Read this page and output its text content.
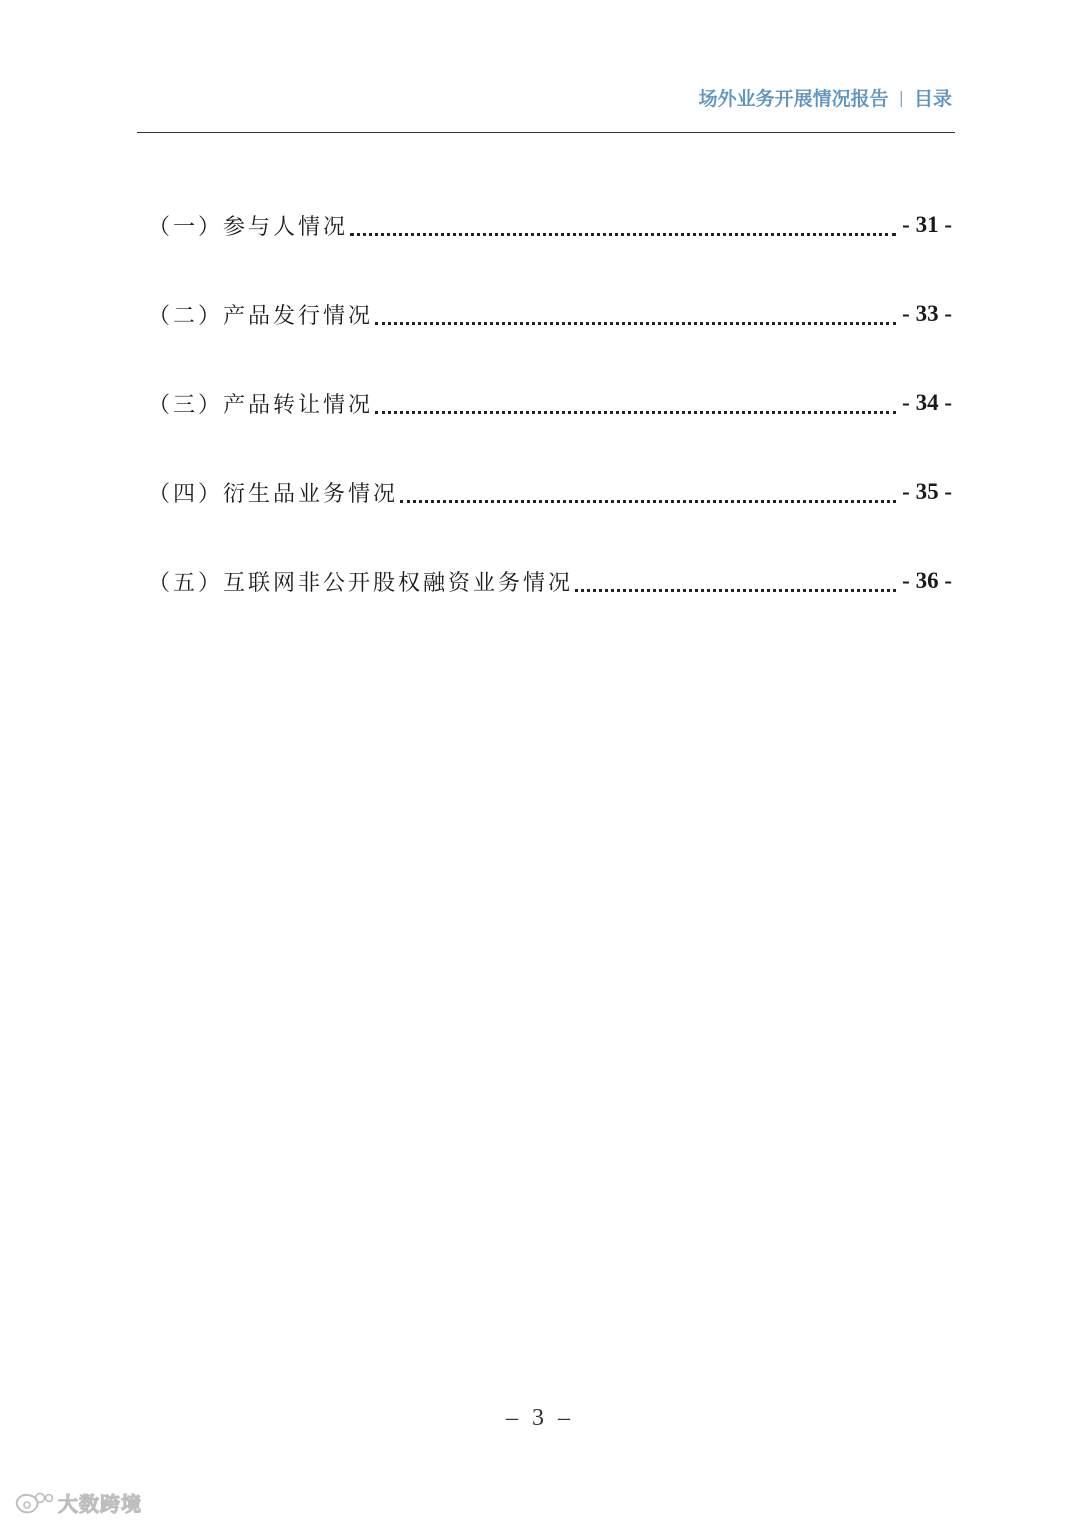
场外业务开展情况报告 | 目录
（一）参与人情况	- 31 -
（二）产品发行情况	- 33 -
（三）产品转让情况	- 34 -
（四）衍生品业务情况	- 35 -
（五）互联网非公开股权融资业务情况	- 36 -
– 3 –
大数跨境
